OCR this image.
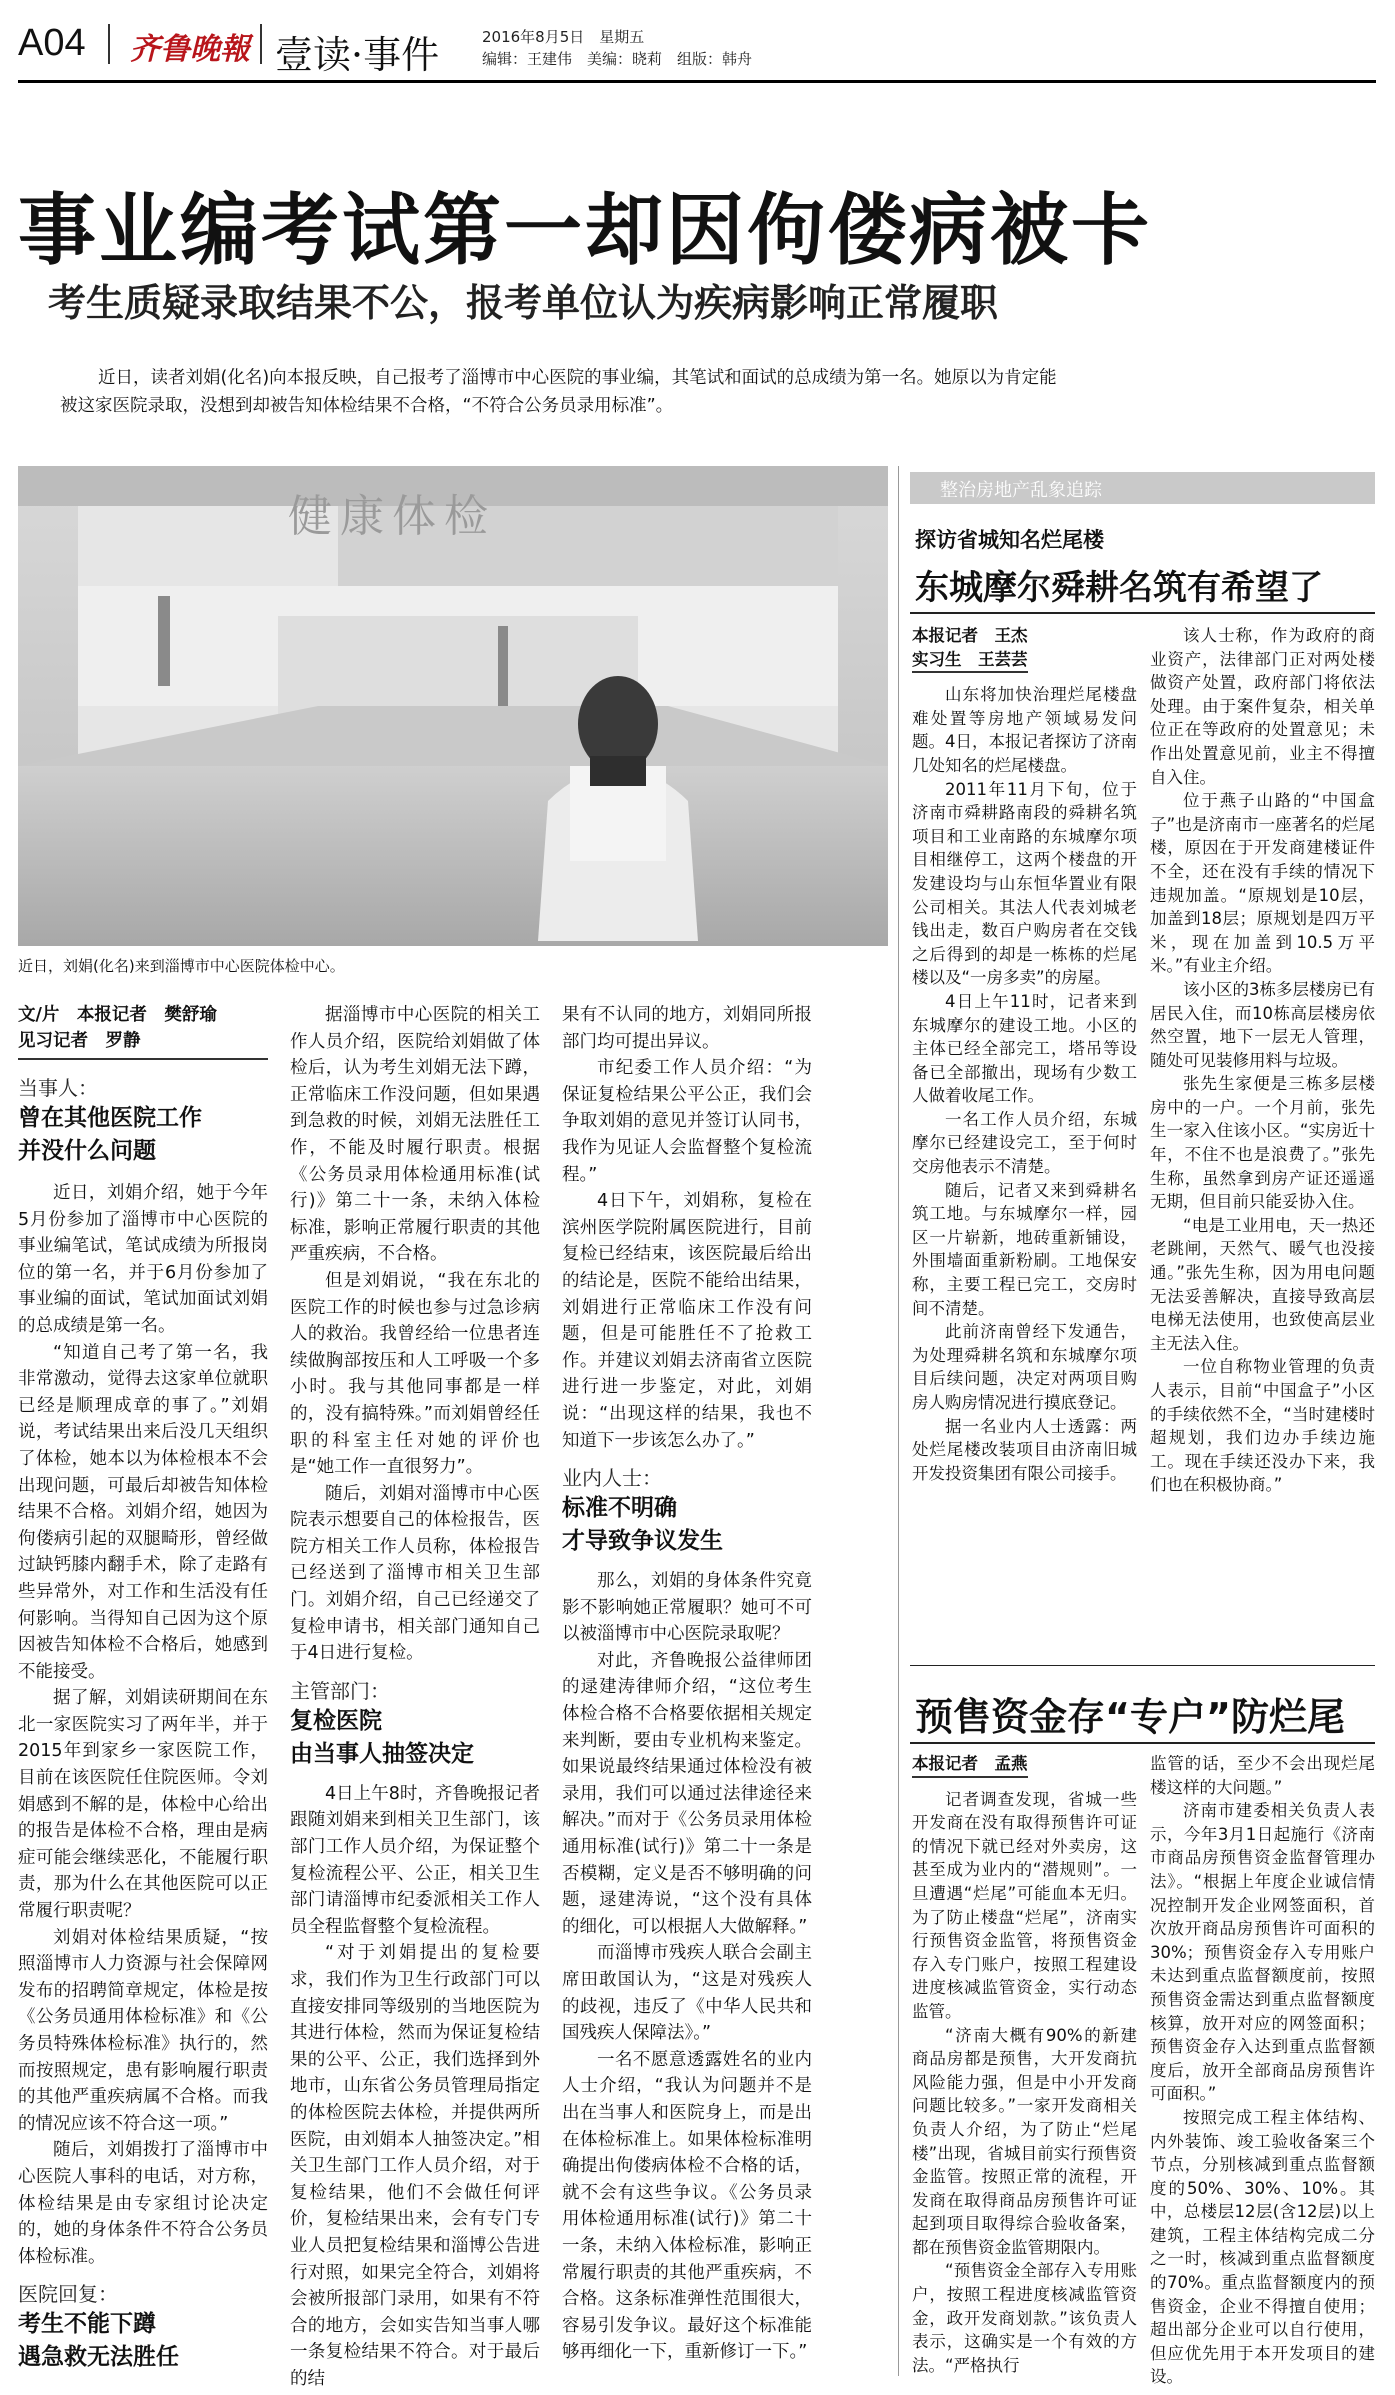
A04 齐鲁晚報 壹读·事件	2016年8月5日　星期五
编辑：王建伟　美编：晓莉　组版：韩舟
事业编考试第一却因佝偻病被卡
考生质疑录取结果不公，报考单位认为疾病影响正常履职
近日，读者刘娟(化名)向本报反映，自己报考了淄博市中心医院的事业编，其笔试和面试的总成绩为第一名。她原以为肯定能被这家医院录取，没想到却被告知体检结果不合格，“不符合公务员录用标准”。
健康体检
近日，刘娟(化名)来到淄博市中心医院体检中心。
文/片　本报记者　樊舒瑜
见习记者　罗静
当事人：
曾在其他医院工作
并没什么问题

近日，刘娟介绍，她于今年5月份参加了淄博市中心医院的事业编笔试，笔试成绩为所报岗位的第一名，并于6月份参加了事业编的面试，笔试加面试刘娟的总成绩是第一名。

“知道自己考了第一名，我非常激动，觉得去这家单位就职已经是顺理成章的事了。”刘娟说，考试结果出来后没几天组织了体检，她本以为体检根本不会出现问题，可最后却被告知体检结果不合格。刘娟介绍，她因为佝偻病引起的双腿畸形，曾经做过缺钙膝内翻手术，除了走路有些异常外，对工作和生活没有任何影响。当得知自己因为这个原因被告知体检不合格后，她感到不能接受。

据了解，刘娟读研期间在东北一家医院实习了两年半，并于2015年到家乡一家医院工作，目前在该医院任住院医师。令刘娟感到不解的是，体检中心给出的报告是体检不合格，理由是病症可能会继续恶化，不能履行职责，那为什么在其他医院可以正常履行职责呢？

刘娟对体检结果质疑，“按照淄博市人力资源与社会保障网发布的招聘简章规定，体检是按《公务员通用体检标准》和《公务员特殊体检标准》执行的，然而按照规定，患有影响履行职责的其他严重疾病属不合格。而我的情况应该不符合这一项。”

随后，刘娟拨打了淄博市中心医院人事科的电话，对方称，体检结果是由专家组讨论决定的，她的身体条件不符合公务员体检标准。

医院回复：
考生不能下蹲
遇急救无法胜任

据淄博市中心医院的相关工作人员介绍，医院给刘娟做了体检后，认为考生刘娟无法下蹲，正常临床工作没问题，但如果遇到急救的时候，刘娟无法胜任工作，不能及时履行职责。根据《公务员录用体检通用标准(试行)》第二十一条，未纳入体检标准，影响正常履行职责的其他严重疾病，不合格。

但是刘娟说，“我在东北的医院工作的时候也参与过急诊病人的救治。我曾经给一位患者连续做胸部按压和人工呼吸一个多小时。我与其他同事都是一样的，没有搞特殊。”而刘娟曾经任职的科室主任对她的评价也是“她工作一直很努力”。

随后，刘娟对淄博市中心医院表示想要自己的体检报告，医院方相关工作人员称，体检报告已经送到了淄博市相关卫生部门。刘娟介绍，自己已经递交了复检申请书，相关部门通知自己于4日进行复检。

主管部门：
复检医院
由当事人抽签决定

4日上午8时，齐鲁晚报记者跟随刘娟来到相关卫生部门，该部门工作人员介绍，为保证整个复检流程公平、公正，相关卫生部门请淄博市纪委派相关工作人员全程监督整个复检流程。

“对于刘娟提出的复检要求，我们作为卫生行政部门可以直接安排同等级别的当地医院为其进行体检，然而为保证复检结果的公平、公正，我们选择到外地市，山东省公务员管理局指定的体检医院去体检，并提供两所医院，由刘娟本人抽签决定。”相关卫生部门工作人员介绍，对于复检结果，他们不会做任何评价，复检结果出来，会有专门专业人员把复检结果和淄博公告进行对照，如果完全符合，刘娟将会被所报部门录用，如果有不符合的地方，会如实告知当事人哪一条复检结果不符合。对于最后的结

果有不认同的地方，刘娟同所报部门均可提出异议。

市纪委工作人员介绍：“为保证复检结果公平公正，我们会争取刘娟的意见并签订认同书，我作为见证人会监督整个复检流程。”

4日下午，刘娟称，复检在滨州医学院附属医院进行，目前复检已经结束，该医院最后给出的结论是，医院不能给出结果，刘娟进行正常临床工作没有问题，但是可能胜任不了抢救工作。并建议刘娟去济南省立医院进行进一步鉴定，对此，刘娟说：“出现这样的结果，我也不知道下一步该怎么办了。”

业内人士：
标准不明确
才导致争议发生

那么，刘娟的身体条件究竟影不影响她正常履职？她可不可以被淄博市中心医院录取呢？

对此，齐鲁晚报公益律师团的逯建涛律师介绍，“这位考生体检合格不合格要依据相关规定来判断，要由专业机构来鉴定。如果说最终结果通过体检没有被录用，我们可以通过法律途径来解决。”而对于《公务员录用体检通用标准(试行)》第二十一条是否模糊，定义是否不够明确的问题，逯建涛说，“这个没有具体的细化，可以根据人大做解释。”

而淄博市残疾人联合会副主席田敢国认为，“这是对残疾人的歧视，违反了《中华人民共和国残疾人保障法》。”

一名不愿意透露姓名的业内人士介绍，“我认为问题并不是出在当事人和医院身上，而是出在体检标准上。如果体检标准明确提出佝偻病体检不合格的话，就不会有这些争议。《公务员录用体检通用标准(试行)》第二十一条，未纳入体检标准，影响正常履行职责的其他严重疾病，不合格。这条标准弹性范围很大，容易引发争议。最好这个标准能够再细化一下，重新修订一下。”

整治房地产乱象追踪
探访省城知名烂尾楼
东城摩尔舜耕名筑有希望了
本报记者　王杰
实习生　王芸芸

山东将加快治理烂尾楼盘难处置等房地产领域易发问题。4日，本报记者探访了济南几处知名的烂尾楼盘。

2011年11月下旬，位于济南市舜耕路南段的舜耕名筑项目和工业南路的东城摩尔项目相继停工，这两个楼盘的开发建设均与山东恒华置业有限公司相关。其法人代表刘城老钱出走，数百户购房者在交钱之后得到的却是一栋栋的烂尾楼以及“一房多卖”的房屋。

4日上午11时，记者来到东城摩尔的建设工地。小区的主体已经全部完工，塔吊等设备已全部撤出，现场有少数工人做着收尾工作。

一名工作人员介绍，东城摩尔已经建设完工，至于何时交房他表示不清楚。

随后，记者又来到舜耕名筑工地。与东城摩尔一样，园区一片崭新，地砖重新铺设，外围墙面重新粉刷。工地保安称，主要工程已完工，交房时间不清楚。

此前济南曾经下发通告，为处理舜耕名筑和东城摩尔项目后续问题，决定对两项目购房人购房情况进行摸底登记。

据一名业内人士透露：两处烂尾楼改装项目由济南旧城开发投资集团有限公司接手。

该人士称，作为政府的商业资产，法律部门正对两处楼做资产处置，政府部门将依法处理。由于案件复杂，相关单位正在等政府的处置意见；未作出处置意见前，业主不得擅自入住。

位于燕子山路的“中国盒子”也是济南市一座著名的烂尾楼，原因在于开发商建楼证件不全，还在没有手续的情况下违规加盖。“原规划是10层，加盖到18层；原规划是四万平米，现在加盖到10.5万平米。”有业主介绍。

该小区的3栋多层楼房已有居民入住，而10栋高层楼房依然空置，地下一层无人管理，随处可见装修用料与垃圾。

张先生家便是三栋多层楼房中的一户。一个月前，张先生一家入住该小区。“实房近十年，不住不也是浪费了。”张先生称，虽然拿到房产证还遥遥无期，但目前只能妥协入住。

“电是工业用电，天一热还老跳闸，天然气、暖气也没接通。”张先生称，因为用电问题无法妥善解决，直接导致高层电梯无法使用，也致使高层业主无法入住。

一位自称物业管理的负责人表示，目前“中国盒子”小区的手续依然不全，“当时建楼时超规划，我们边办手续边施工。现在手续还没办下来，我们也在积极协商。”

预售资金存“专户”防烂尾
本报记者　孟燕

记者调查发现，省城一些开发商在没有取得预售许可证的情况下就已经对外卖房，这甚至成为业内的“潜规则”。一旦遭遇“烂尾”可能血本无归。为了防止楼盘“烂尾”，济南实行预售资金监管，将预售资金存入专门账户，按照工程建设进度核减监管资金，实行动态监管。

“济南大概有90%的新建商品房都是预售，大开发商抗风险能力强，但是中小开发商问题比较多。”一家开发商相关负责人介绍，为了防止“烂尾楼”出现，省城目前实行预售资金监管。按照正常的流程，开发商在取得商品房预售许可证起到项目取得综合验收备案，都在预售资金监管期限内。

“预售资金全部存入专用账户，按照工程进度核减监管资金，政开发商划款。”该负责人表示，这确实是一个有效的方法。“严格执行

监管的话，至少不会出现烂尾楼这样的大问题。”

济南市建委相关负责人表示，今年3月1日起施行《济南市商品房预售资金监督管理办法》。“根据上年度企业诚信情况控制开发企业网签面积，首次放开商品房预售许可面积的30%；预售资金存入专用账户未达到重点监督额度前，按照预售资金需达到重点监督额度核算，放开对应的网签面积；预售资金存入达到重点监督额度后，放开全部商品房预售许可面积。”

按照完成工程主体结构、内外装饰、竣工验收备案三个节点，分别核减到重点监督额度的50%、30%、10%。其中，总楼层12层(含12层)以上建筑，工程主体结构完成二分之一时，核减到重点监督额度的70%。重点监督额度内的预售资金，企业不得擅自使用；超出部分企业可以自行使用，但应优先用于本开发项目的建设。
